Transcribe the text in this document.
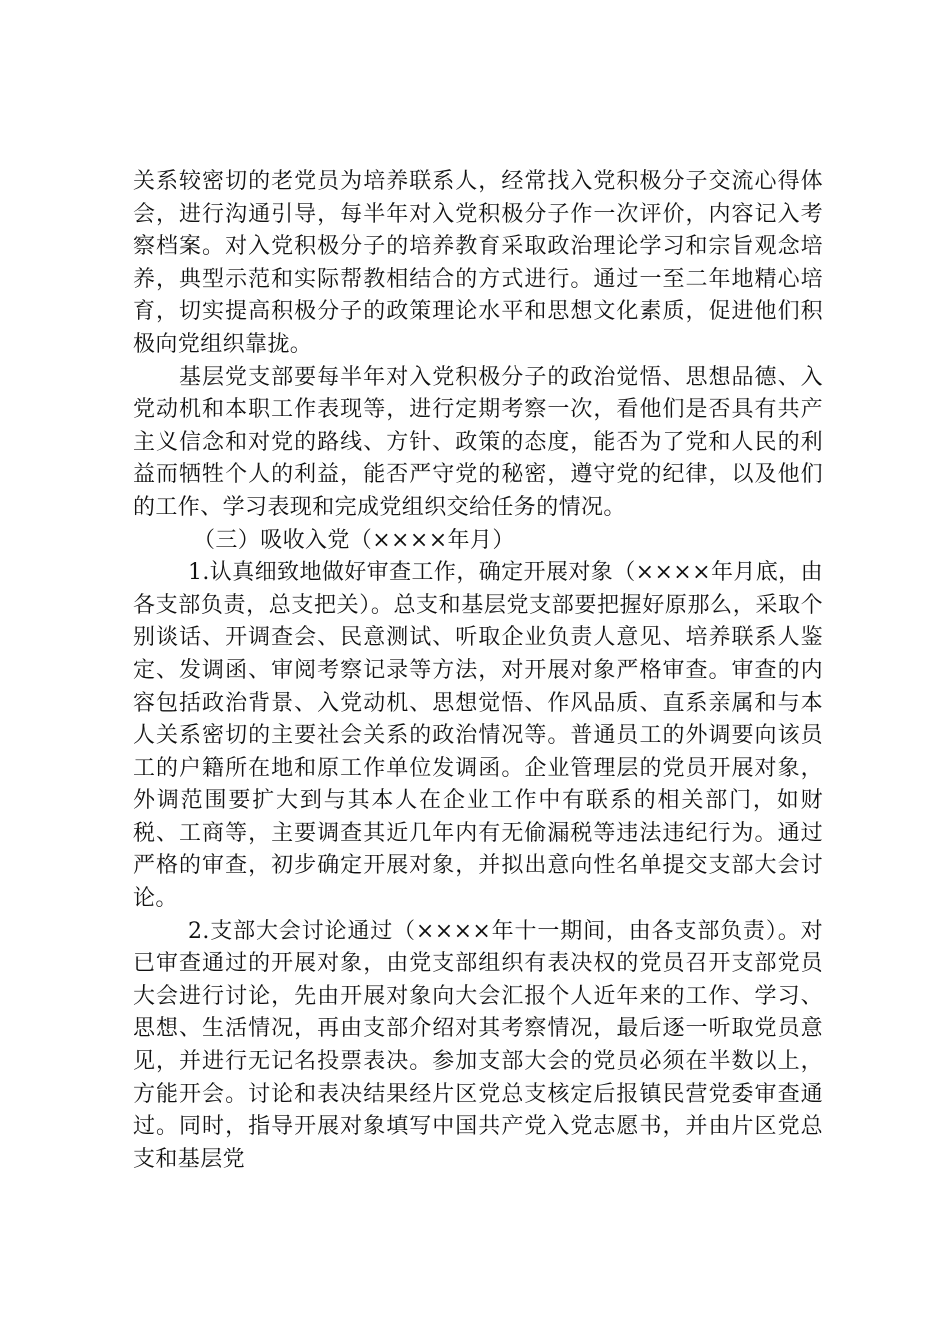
关系较密切的老党员为培养联系人，经常找入党积极分子交流心得体会，进行沟通引导，每半年对入党积极分子作一次评价，内容记入考察档案。对入党积极分子的培养教育采取政治理论学习和宗旨观念培养，典型示范和实际帮教相结合的方式进行。通过一至二年地精心培育，切实提高积极分子的政策理论水平和思想文化素质，促进他们积极向党组织靠拢。

基层党支部要每半年对入党积极分子的政治觉悟、思想品德、入党动机和本职工作表现等，进行定期考察一次，看他们是否具有共产主义信念和对党的路线、方针、政策的态度，能否为了党和人民的利益而牺牲个人的利益，能否严守党的秘密，遵守党的纪律，以及他们的工作、学习表现和完成党组织交给任务的情况。

（三）吸收入党（××××年月）

1.认真细致地做好审查工作，确定开展对象（××××年月底，由各支部负责，总支把关）。总支和基层党支部要把握好原那么，采取个别谈话、开调查会、民意测试、听取企业负责人意见、培养联系人鉴定、发调函、审阅考察记录等方法，对开展对象严格审查。审查的内容包括政治背景、入党动机、思想觉悟、作风品质、直系亲属和与本人关系密切的主要社会关系的政治情况等。普通员工的外调要向该员工的户籍所在地和原工作单位发调函。企业管理层的党员开展对象，外调范围要扩大到与其本人在企业工作中有联系的相关部门，如财税、工商等，主要调查其近几年内有无偷漏税等违法违纪行为。通过严格的审查，初步确定开展对象，并拟出意向性名单提交支部大会讨论。

2.支部大会讨论通过（××××年十一期间，由各支部负责）。对已审查通过的开展对象，由党支部组织有表决权的党员召开支部党员大会进行讨论，先由开展对象向大会汇报个人近年来的工作、学习、思想、生活情况，再由支部介绍对其考察情况，最后逐一听取党员意见，并进行无记名投票表决。参加支部大会的党员必须在半数以上，方能开会。讨论和表决结果经片区党总支核定后报镇民营党委审查通过。同时，指导开展对象填写中国共产党入党志愿书，并由片区党总支和基层党
